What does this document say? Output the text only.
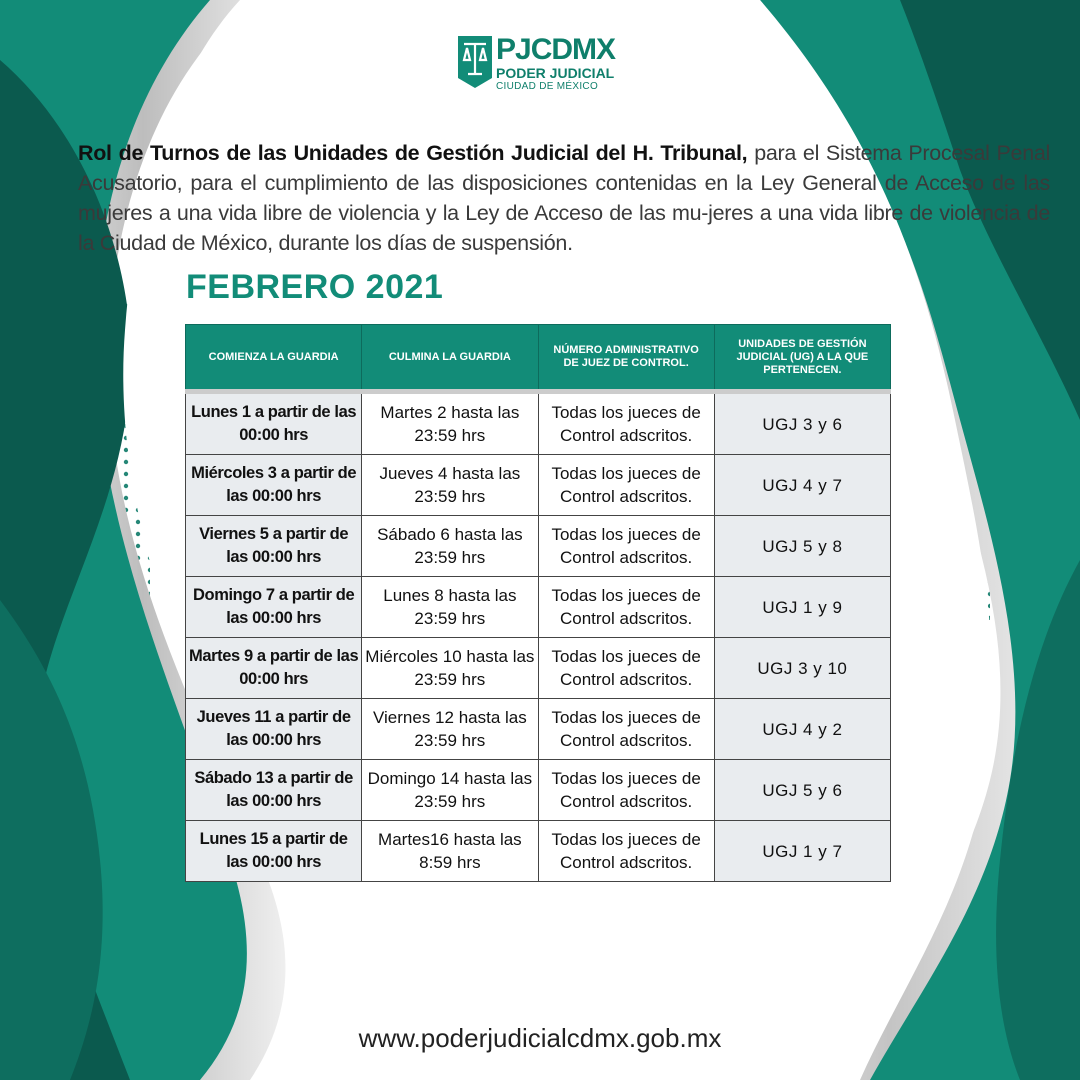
PJCDMX
PODER JUDICIAL
CIUDAD DE MÉXICO
Rol de Turnos de las Unidades de Gestión Judicial del H. Tribunal, para el Sistema Procesal Penal Acusatorio, para el cumplimiento de las disposiciones contenidas en la Ley General de Acceso de las mujeres a una vida libre de violencia y la Ley de Acceso de las mu-jeres a una vida libre de violencia de la Ciudad de México, durante los días de suspensión.
FEBRERO 2021
COMIENZA LA GUARDIA	CULMINA LA GUARDIA	NÚMERO ADMINISTRATIVO DE JUEZ DE CONTROL.	UNIDADES DE GESTIÓN JUDICIAL (UG) A LA QUE PERTENECEN.
Lunes 1 a partir de las 00:00 hrs	Martes 2 hasta las 23:59 hrs	Todas los jueces de Control adscritos.	UGJ 3 y 6
Miércoles 3 a partir de las 00:00 hrs	Jueves 4 hasta las 23:59 hrs	Todas los jueces de Control adscritos.	UGJ 4 y 7
Viernes 5 a partir de las 00:00 hrs	Sábado 6 hasta las 23:59 hrs	Todas los jueces de Control adscritos.	UGJ 5 y 8
Domingo 7 a partir de las 00:00 hrs	Lunes 8 hasta las 23:59 hrs	Todas los jueces de Control adscritos.	UGJ 1 y 9
Martes 9 a partir de las 00:00 hrs	Miércoles 10 hasta las 23:59 hrs	Todas los jueces de Control adscritos.	UGJ 3 y 10
Jueves 11 a partir de las 00:00 hrs	Viernes 12 hasta las 23:59 hrs	Todas los jueces de Control adscritos.	UGJ 4 y 2
Sábado 13 a partir de las 00:00 hrs	Domingo 14 hasta las 23:59 hrs	Todas los jueces de Control adscritos.	UGJ 5 y 6
Lunes 15 a partir de las 00:00 hrs	Martes16 hasta las 8:59 hrs	Todas los jueces de Control adscritos.	UGJ 1 y 7
www.poderjudicialcdmx.gob.mx
